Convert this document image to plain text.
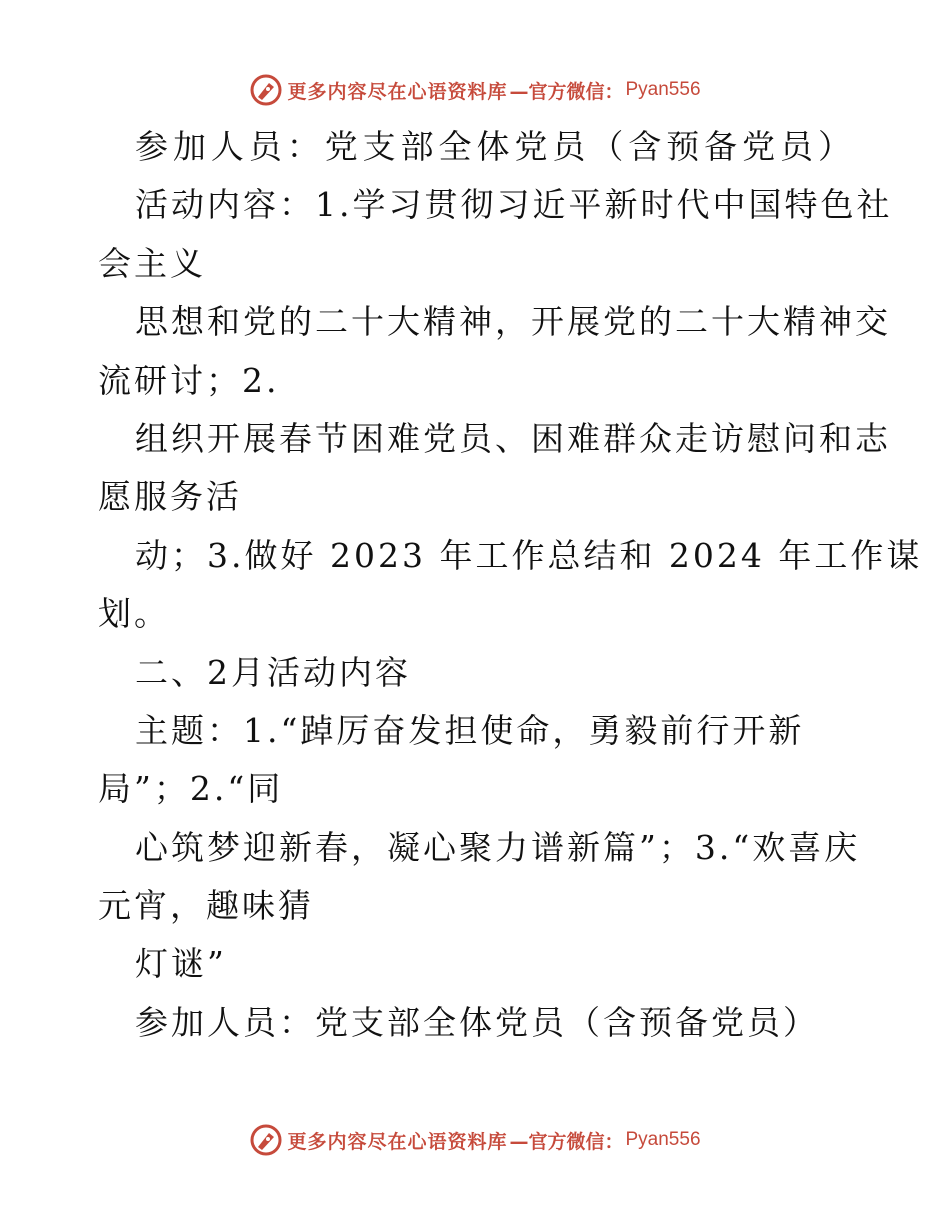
更多内容尽在心语资料库 —官方微信： Pyan556
参加人员：党支部全体党员（含预备党员）
活动内容：1.学习贯彻习近平新时代中国特色社
会主义
思想和党的二十大精神，开展党的二十大精神交
流研讨；2.
组织开展春节困难党员、困难群众走访慰问和志
愿服务活
动；3.做好 2023 年工作总结和 2024 年工作谋
划。
二、2月活动内容
主题：1.“踔厉奋发担使命，勇毅前行开新
局”；2.“同
心筑梦迎新春，凝心聚力谱新篇”；3.“欢喜庆
元宵，趣味猜
灯谜”
参加人员：党支部全体党员（含预备党员）
更多内容尽在心语资料库 —官方微信： Pyan556
